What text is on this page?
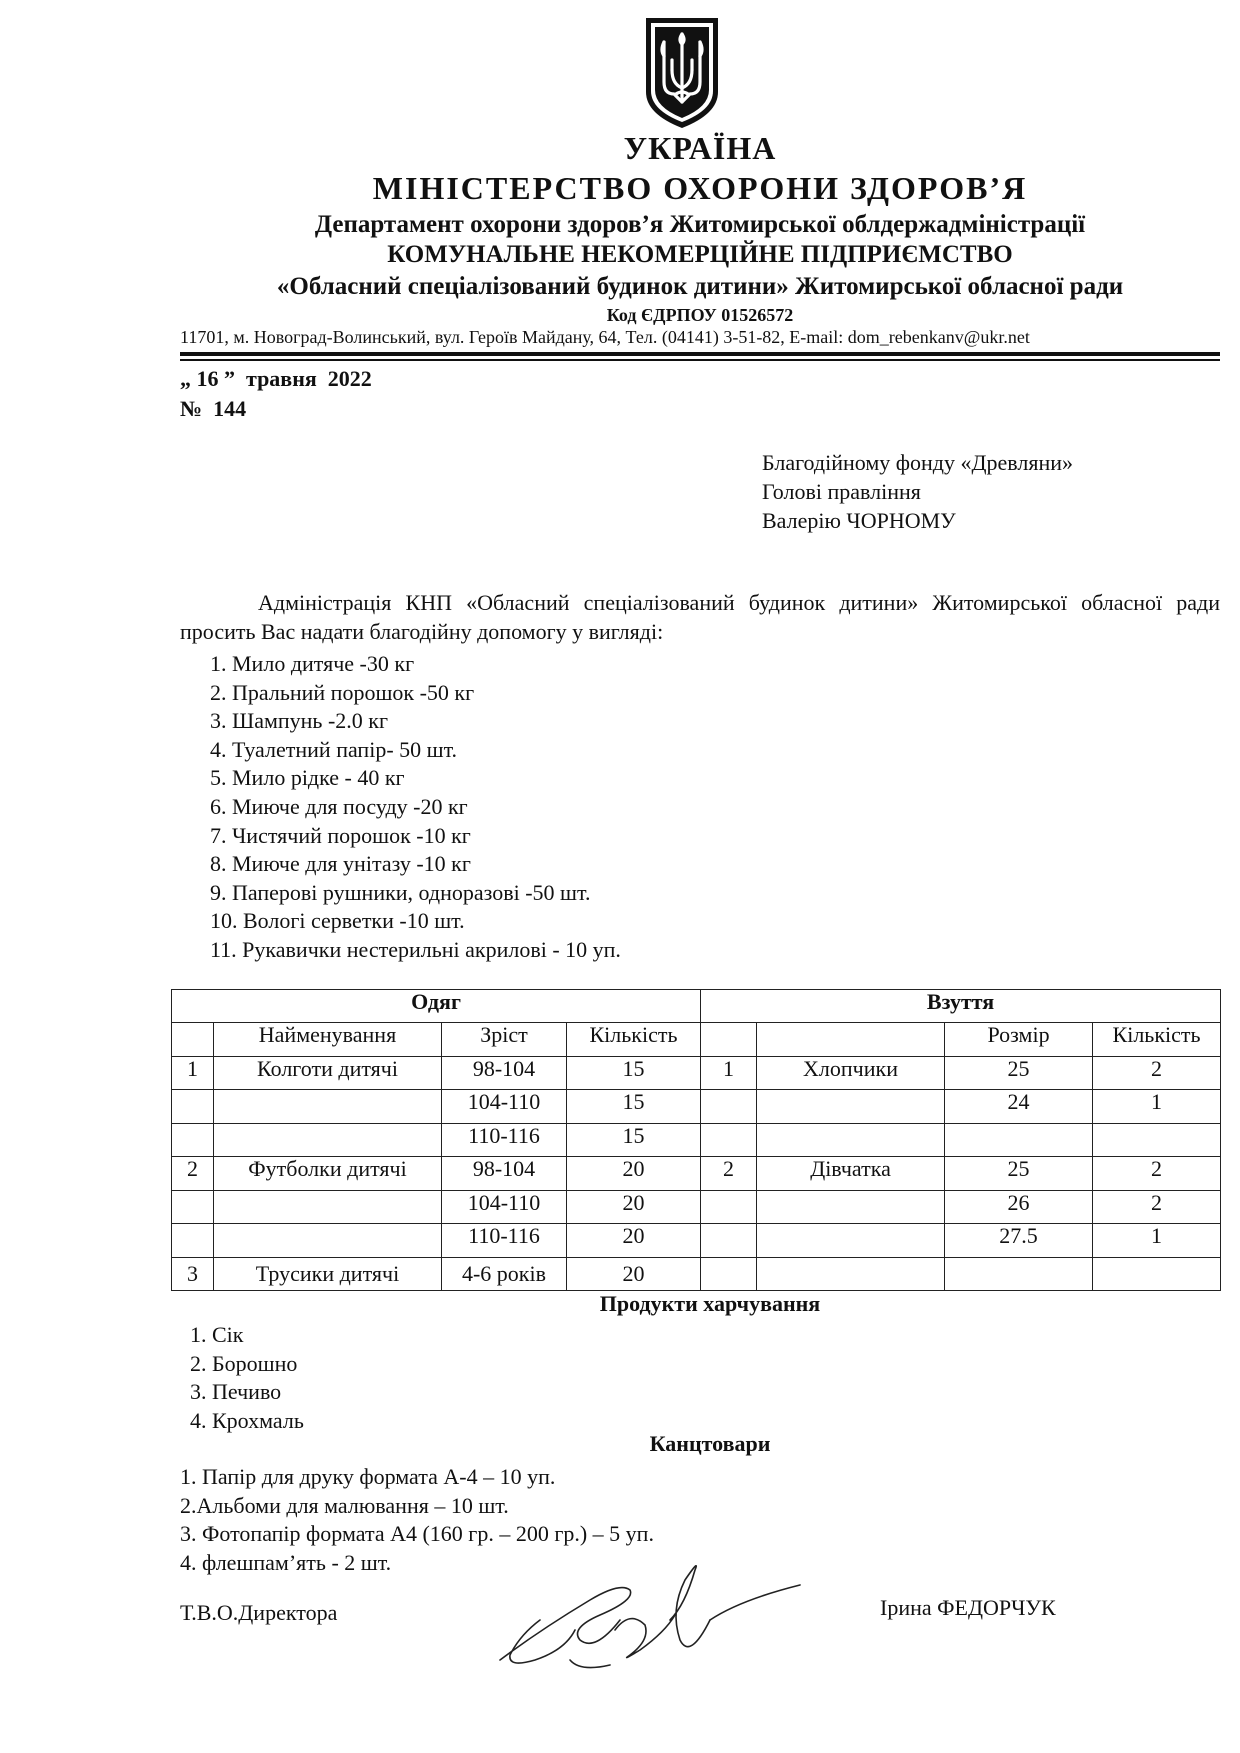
УКРАЇНА
МІНІСТЕРСТВО ОХОРОНИ ЗДОРОВ’Я
Департамент охорони здоров’я Житомирської облдержадміністрації
КОМУНАЛЬНЕ НЕКОМЕРЦІЙНЕ ПІДПРИЄМСТВО
«Обласний спеціалізований будинок дитини» Житомирської обласної ради
Код ЄДРПОУ 01526572
11701, м. Новоград-Волинський, вул. Героїв Майдану, 64, Тел. (04141) 3-51-82, E-mail: dom_rebenkanv@ukr.net
„ 16 ”  травня  2022
№  144
Благодійному фонду «Древляни»
Голові правління
Валерію ЧОРНОМУ
Адміністрація КНП «Обласний спеціалізований будинок дитини» Житомирської обласної ради просить Вас надати благодійну допомогу у вигляді:
1. Мило дитяче -30 кг
2. Пральний порошок -50 кг
3. Шампунь -2.0 кг
4. Туалетний папір- 50 шт.
5. Мило рідке - 40 кг
6. Миюче для посуду -20 кг
7. Чистячий порошок -10 кг
8. Миюче для унітазу -10 кг
9. Паперові рушники, одноразові -50 шт.
10. Вологі серветки -10 шт.
11. Рукавички нестерильні акрилові - 10 уп.
Одяг				Взуття			
	Найменування	Зріст	Кількість			Розмір	Кількість
1	Колготи дитячі	98-104	15	1	Хлопчики	25	2
		104-110	15			24	1
		110-116	15				
2	Футболки дитячі	98-104	20	2	Дівчатка	25	2
		104-110	20			26	2
		110-116	20			27.5	1
3	Трусики дитячі	4-6 років	20				
Продукти харчування
1. Сік
2. Борошно
3. Печиво
4. Крохмаль
Канцтовари
1. Папір для друку формата А-4 – 10 уп.
2.Альбоми для малювання – 10 шт.
3. Фотопапір формата А4 (160 гр. – 200 гр.) – 5 уп.
4. флешпам’ять - 2 шт.
Т.В.О.Директора	Ірина ФЕДОРЧУК
